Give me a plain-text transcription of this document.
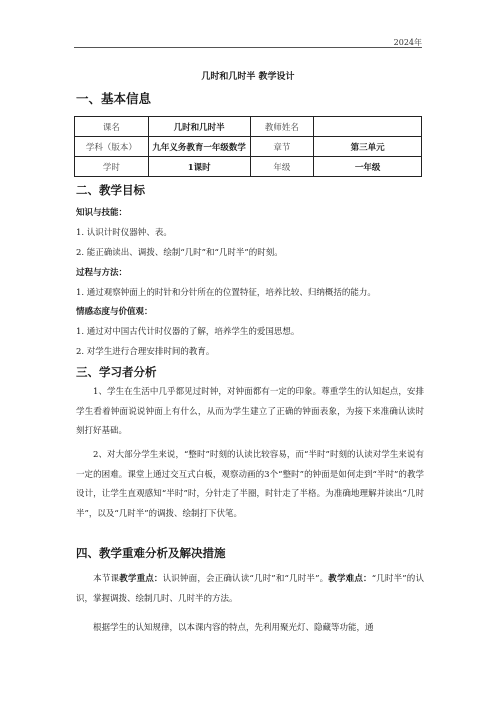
2024年
几时和几时半 教学设计
一、基本信息
课名	几时和几时半	教师姓名	
学科（版本）	九年义务教育一年级数学	章节	第三单元
学时	1课时	年级	一年级
二、教学目标
知识与技能：
1. 认识计时仪器钟、表。
2. 能正确读出、调拨、绘制“几时”和“几时半”的时刻。
过程与方法：
1. 通过观察钟面上的时针和分针所在的位置特征，培养比较、归纳概括的能力。
情感态度与价值观：
1. 通过对中国古代计时仪器的了解，培养学生的爱国思想。
2. 对学生进行合理安排时间的教育。
三、学习者分析
1、学生在生活中几乎都见过时钟，对钟面都有一定的印象。尊重学生的认知起点，安排学生看着钟面说说钟面上有什么，从而为学生建立了正确的钟面表象，为接下来准确认读时刻打好基础。
2、对大部分学生来说，“整时”时刻的认读比较容易，而“半时”时刻的认读对学生来说有一定的困难。课堂上通过交互式白板，观察动画的3个“整时”的钟面是如何走到“半时”的教学设计，让学生直观感知“半时”时，分针走了半圈，时针走了半格。为准确地理解并读出“几时半”，以及“几时半”的调拨、绘制打下伏笔。
四、教学重难分析及解决措施
本节课教学重点：认识钟面，会正确认读“几时”和“几时半”。教学难点：“几时半”的认识，掌握调拨、绘制几时、几时半的方法。
根据学生的认知规律，以本课内容的特点，先利用聚光灯、隐藏等功能，通
